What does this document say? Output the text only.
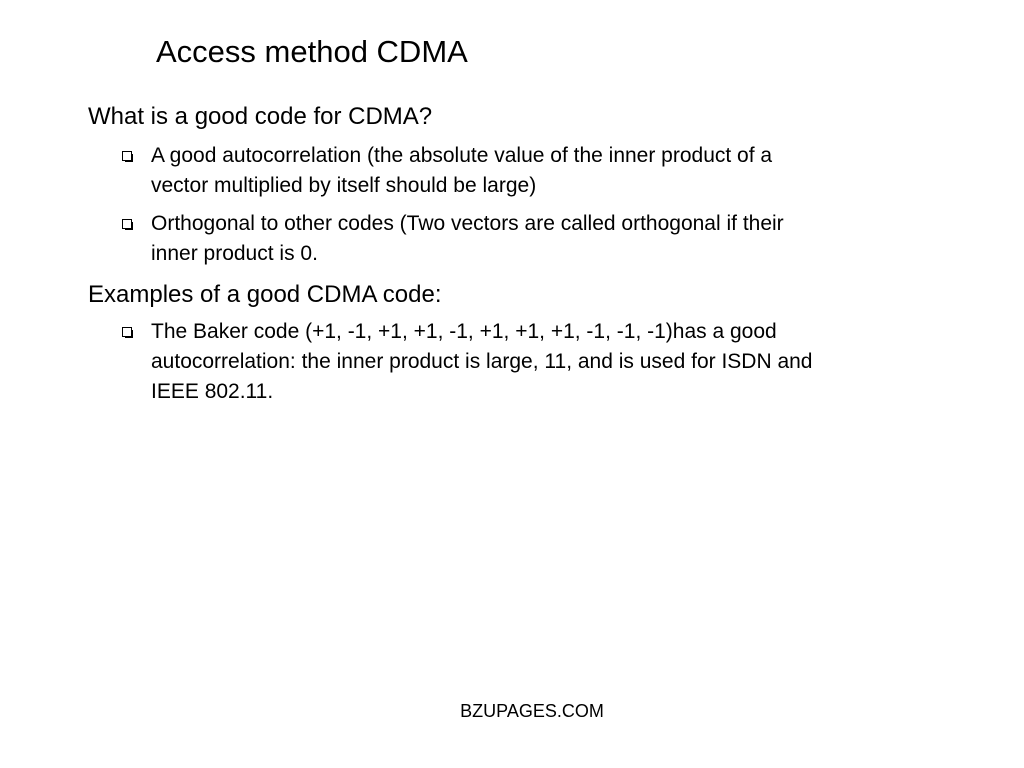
Access method CDMA
What is a good code for CDMA?
A good autocorrelation (the absolute value of the inner product of a
vector multiplied by itself should be large)
Orthogonal to other codes (Two vectors are called orthogonal if their
inner product is 0.
Examples of a good CDMA code:
The Baker code (+1, -1, +1, +1, -1, +1, +1, +1, -1, -1, -1)has a good
autocorrelation: the inner product is large, 11, and is used for ISDN and
IEEE 802.11.
BZUPAGES.COM
